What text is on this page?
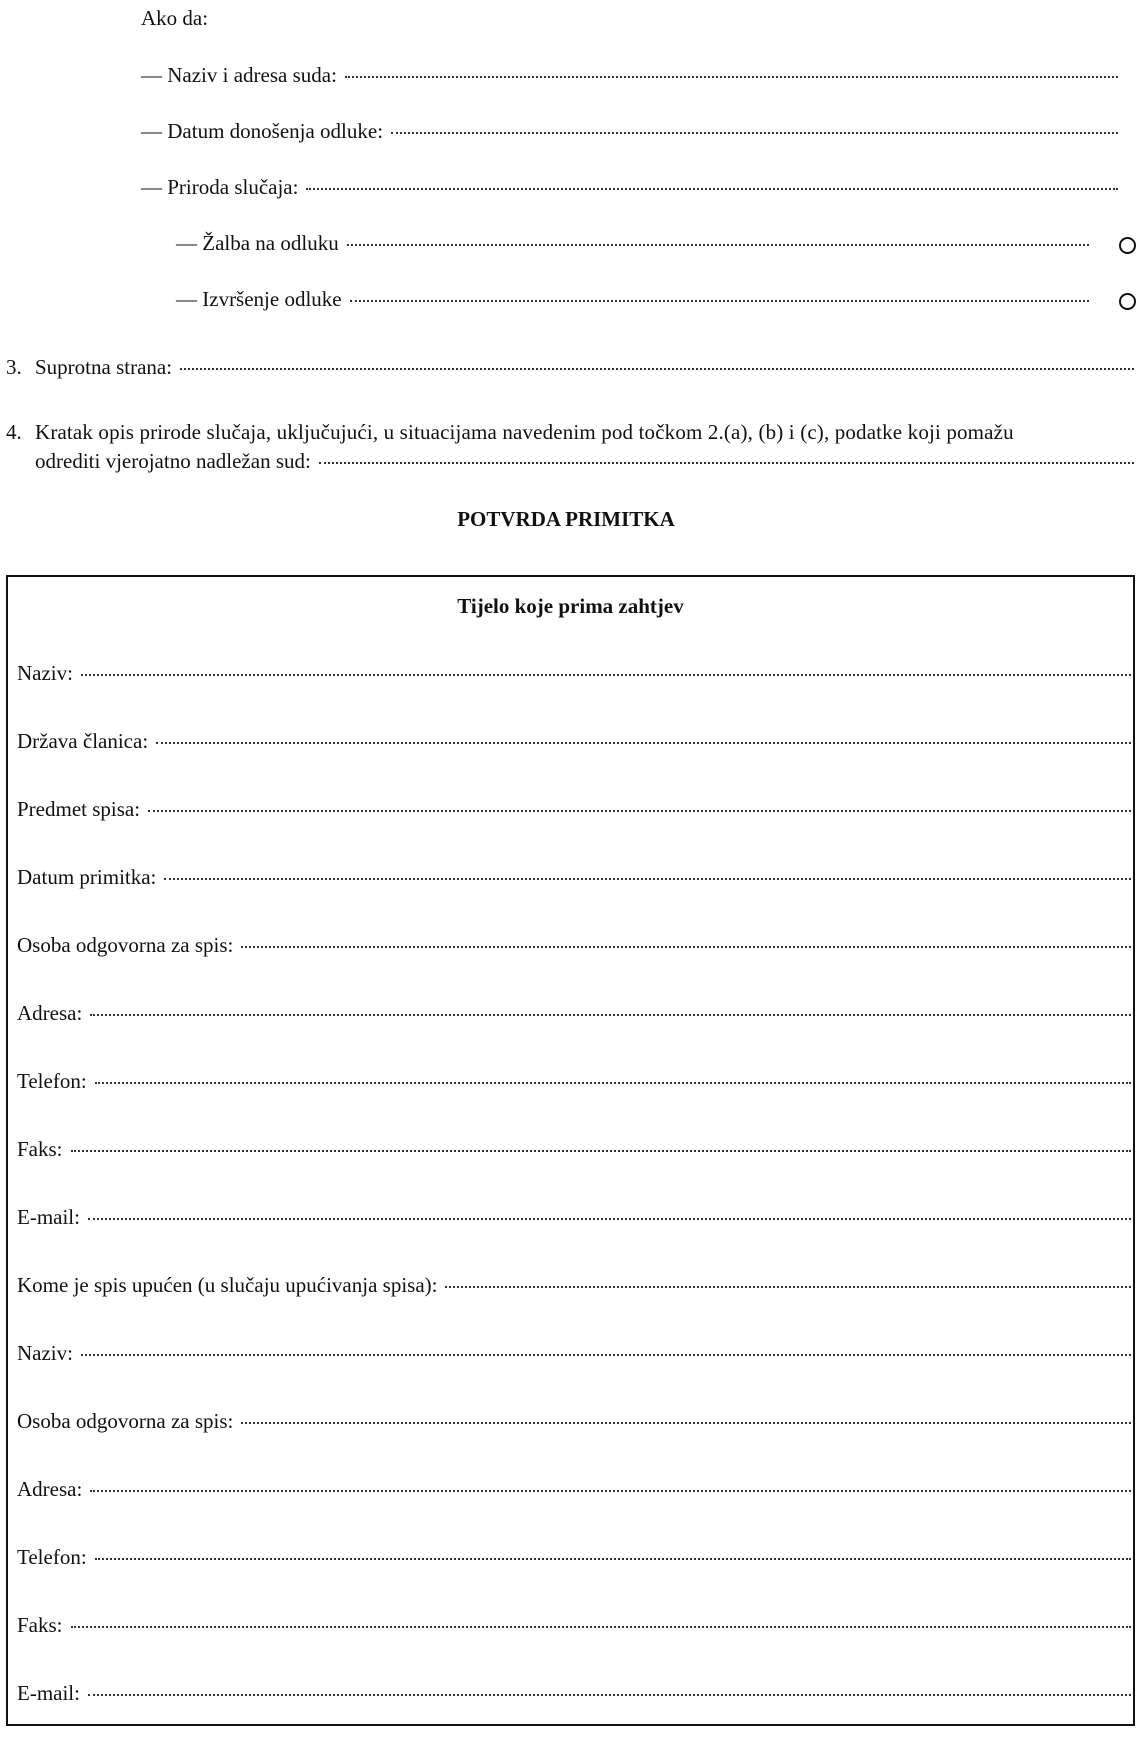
Ako da:
— Naziv i adresa suda:
— Datum donošenja odluke:
— Priroda slučaja:
— Žalba na odluku
— Izvršenje odluke
3. Suprotna strana:
4. Kratak opis prirode slučaja, uključujući, u situacijama navedenim pod točkom 2.(a), (b) i (c), podatke koji pomažu
odrediti vjerojatno nadležan sud:
POTVRDA PRIMITKA
Tijelo koje prima zahtjev
Naziv:
Država članica:
Predmet spisa:
Datum primitka:
Osoba odgovorna za spis:
Adresa:
Telefon:
Faks:
E-mail:
Kome je spis upućen (u slučaju upućivanja spisa):
Naziv:
Osoba odgovorna za spis:
Adresa:
Telefon:
Faks:
E-mail:
